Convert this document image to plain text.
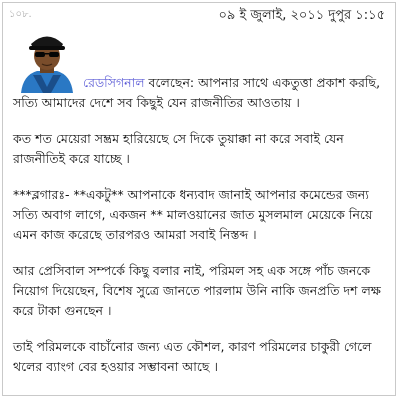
১০৮.	০৯ ই জুলাই, ২০১১ দুপুর ১:১৫

রেডসিগনাল বলেছেন: আপনার সাথে একতুত্তা প্রকাশ করছি, সত্যি আমাদের দেশে সব কিছুই যেন রাজনীতির আওতায় ।

কত শত মেয়েরা সম্ভ্রম হারিয়েছে সে দিকে তুয়াক্কা না করে সবাই যেন রাজনীতিই করে যাচ্ছে ।

***ব্লগারঃ- **একটু** আপনাকে ধন্যবাদ জানাই আপনার কমেন্ডের জন্য সত্যি অবাগ লাগে, একজন ** মালওয়ানের জাত মুসলমাল মেয়েকে নিয়ে এমন কাজ করেছে তারপরও আমরা সবাই নিস্তব্দ ।

আর প্রেসিবাল সম্পর্কে কিছু বলার নাই, পরিমল সহ এক সঙ্গে পাঁচ জনকে নিয়োগ দিয়েছেন, বিশেষ সুত্রে জানতে পারলাম উনি নাকি জনপ্রতি দশ লক্ষ করে টাকা গুনছেন ।

তাই পরিমলকে বাচাঁনোর জন্য এত কৌশল, কারণ পরিমলের চাকুরী গেলে থলের ব্যাংগ বের হওয়ার সম্ভাবনা আছে ।
